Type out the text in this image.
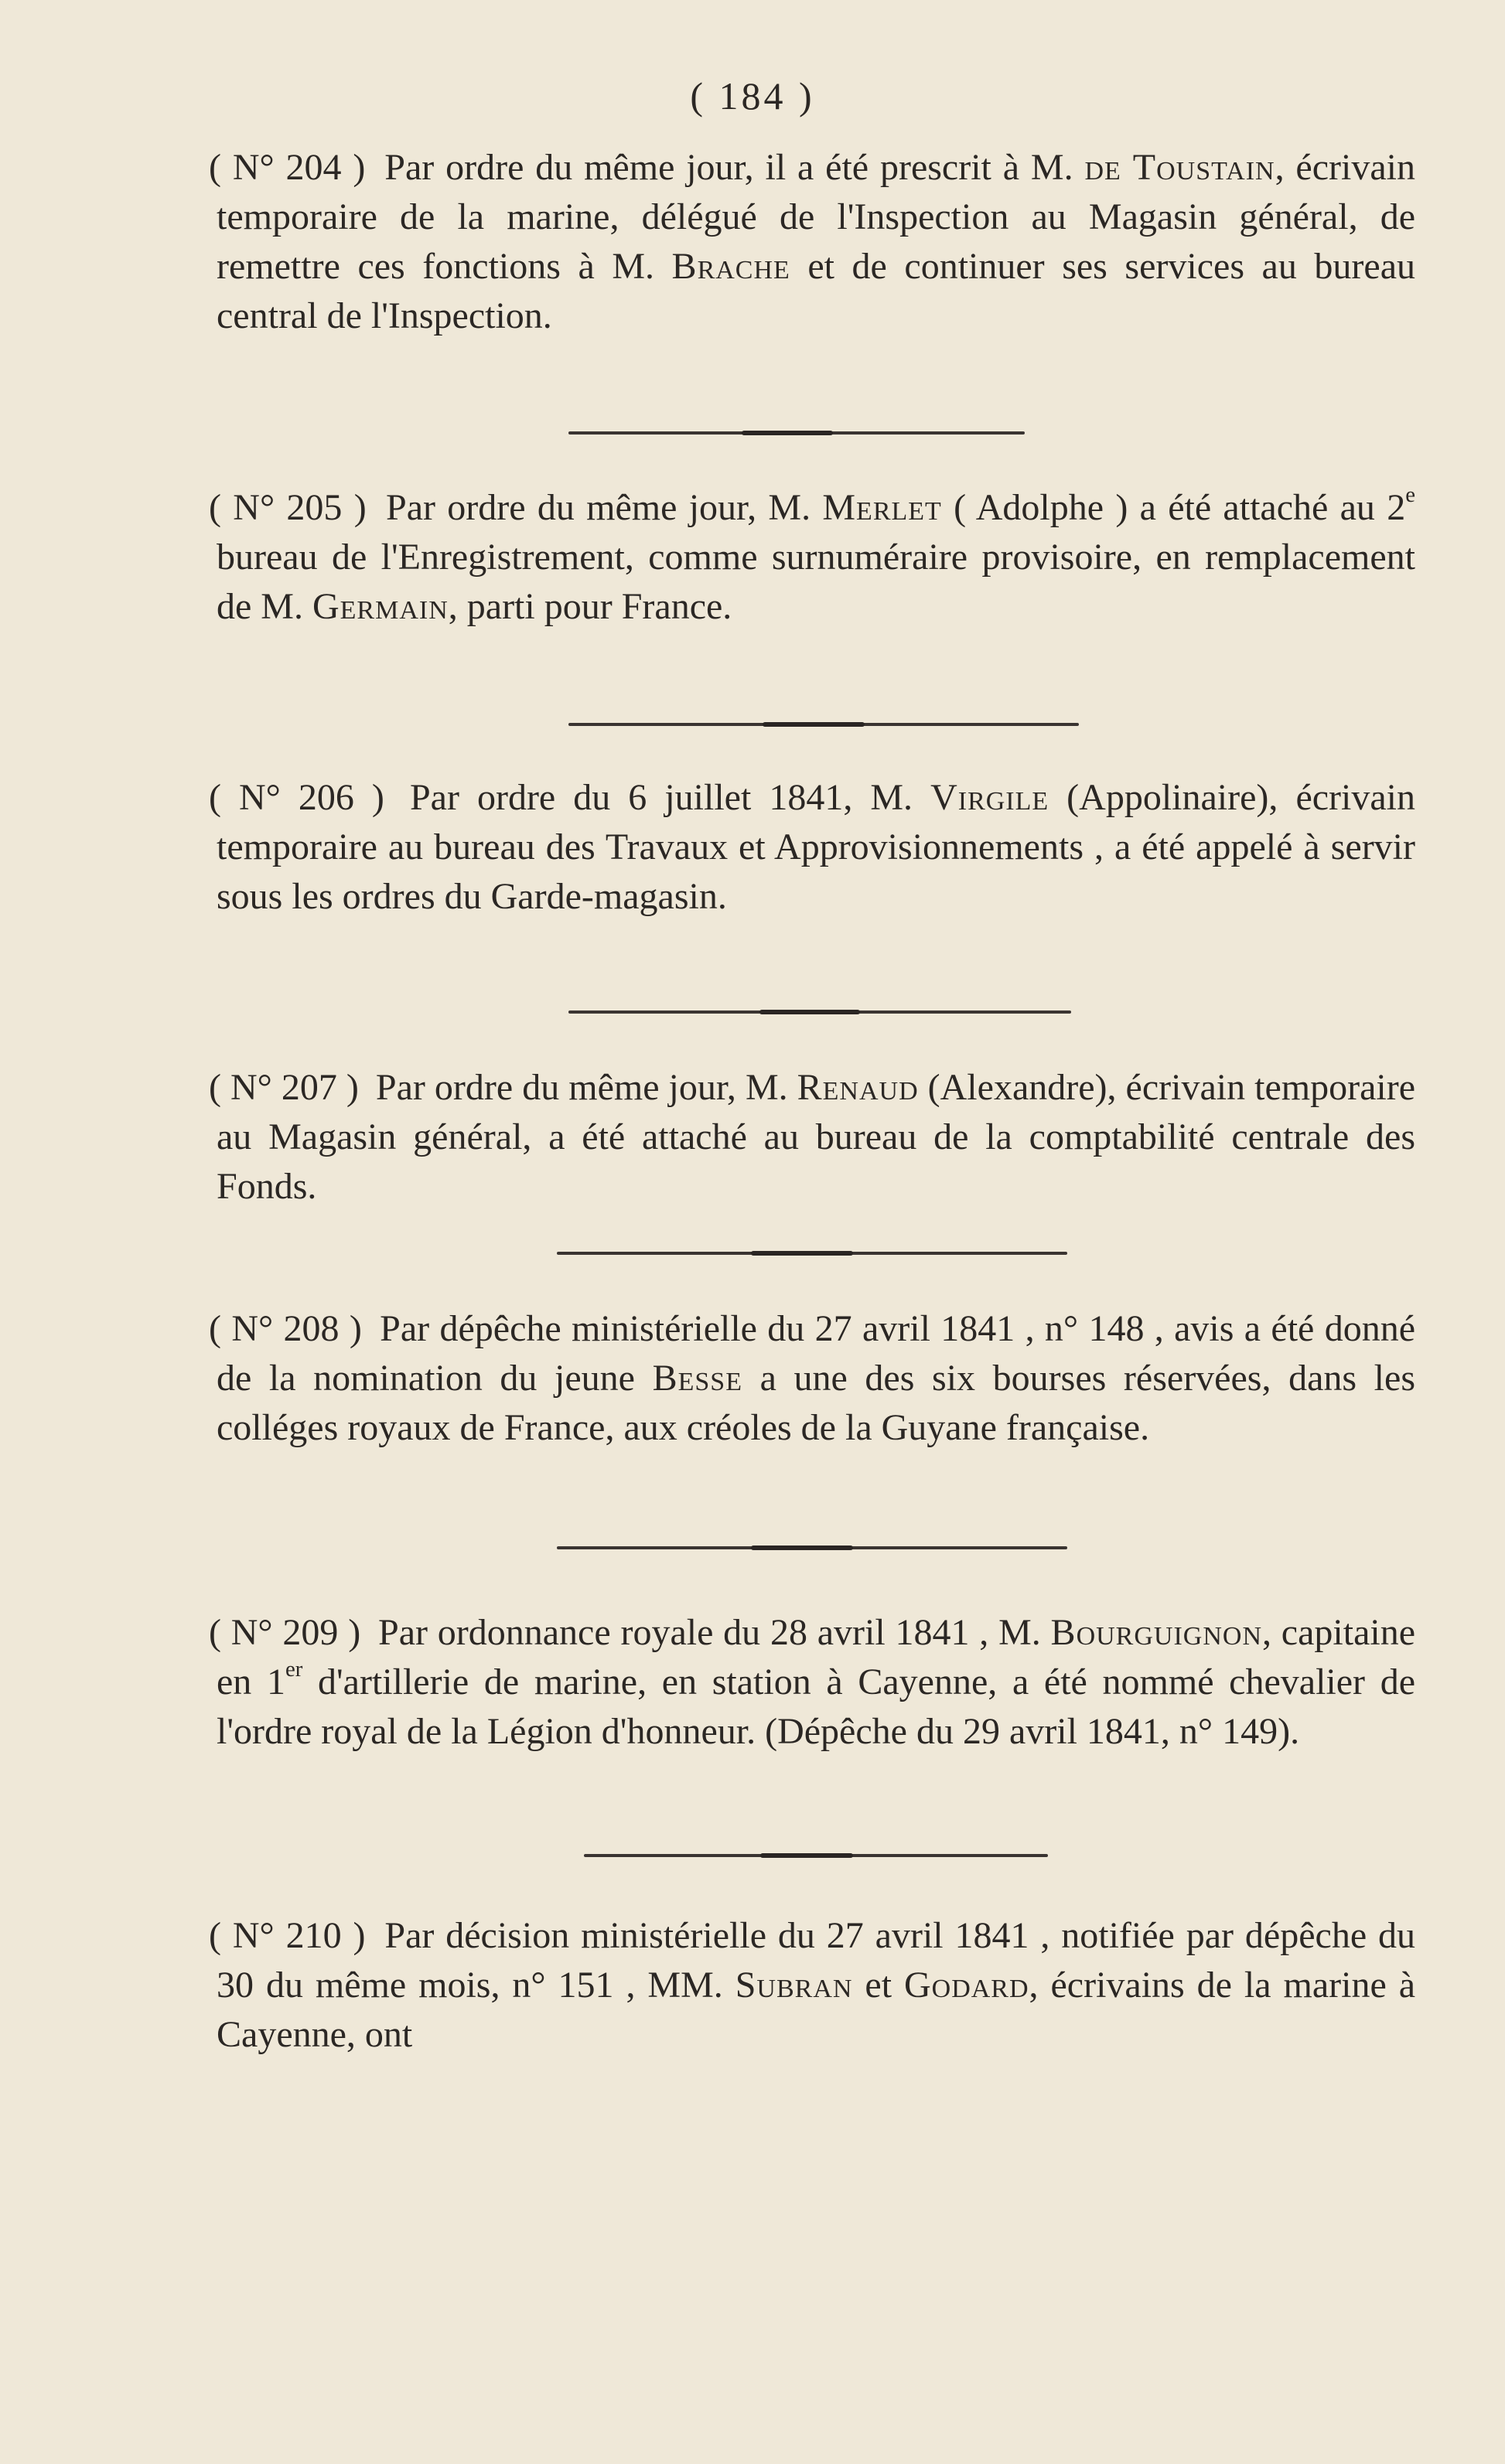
( 184 )
( N° 204 ) Par ordre du même jour, il a été prescrit à M. de Toustain, écrivain temporaire de la marine, délégué de l'Inspection au Magasin général, de remettre ces fonctions à M. Brache et de continuer ses services au bureau central de l'Inspection.
( N° 205 ) Par ordre du même jour, M. Merlet ( Adolphe ) a été attaché au 2e bureau de l'Enregistrement, comme surnuméraire provisoire, en remplacement de M. Germain, parti pour France.
( N° 206 ) Par ordre du 6 juillet 1841, M. Virgile (Appolinaire), écrivain temporaire au bureau des Travaux et Approvisionnements , a été appelé à servir sous les ordres du Garde-magasin.
( N° 207 ) Par ordre du même jour, M. Renaud (Alexandre), écrivain temporaire au Magasin général, a été attaché au bureau de la comptabilité centrale des Fonds.
( N° 208 ) Par dépêche ministérielle du 27 avril 1841 , n° 148 , avis a été donné de la nomination du jeune Besse a une des six bourses réservées, dans les colléges royaux de France, aux créoles de la Guyane française.
( N° 209 ) Par ordonnance royale du 28 avril 1841 , M. Bourguignon, capitaine en 1er d'artillerie de marine, en station à Cayenne, a été nommé chevalier de l'ordre royal de la Légion d'honneur. (Dépêche du 29 avril 1841, n° 149).
( N° 210 ) Par décision ministérielle du 27 avril 1841 , notifiée par dépêche du 30 du même mois, n° 151 , MM. Subran et Godard, écrivains de la marine à Cayenne, ont
